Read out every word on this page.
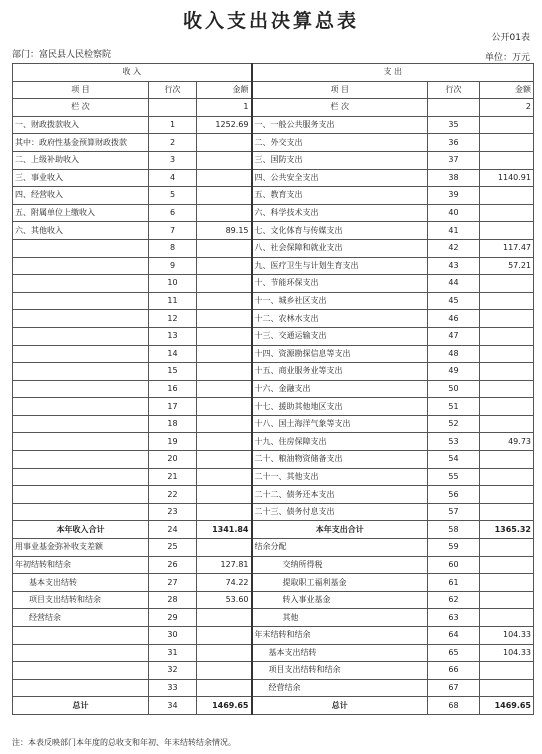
收入支出决算总表
公开01表
部门：富民县人民检察院	单位：万元
收 入			支 出		
项 目	行次	金额	项 目	行次	金额
栏 次		1	栏 次		2
一、财政拨款收入	1	1252.69	一、一般公共服务支出	35	
其中：政府性基金预算财政拨款	2		二、外交支出	36	
二、上级补助收入	3		三、国防支出	37	
三、事业收入	4		四、公共安全支出	38	1140.91
四、经营收入	5		五、教育支出	39	
五、附属单位上缴收入	6		六、科学技术支出	40	
六、其他收入	7	89.15	七、文化体育与传媒支出	41	
	8		八、社会保障和就业支出	42	117.47
	9		九、医疗卫生与计划生育支出	43	57.21
	10		十、节能环保支出	44	
	11		十一、城乡社区支出	45	
	12		十二、农林水支出	46	
	13		十三、交通运输支出	47	
	14		十四、资源勘探信息等支出	48	
	15		十五、商业服务业等支出	49	
	16		十六、金融支出	50	
	17		十七、援助其他地区支出	51	
	18		十八、国土海洋气象等支出	52	
	19		十九、住房保障支出	53	49.73
	20		二十、粮油物资储备支出	54	
	21		二十一、其他支出	55	
	22		二十二、债务还本支出	56	
	23		二十三、债务付息支出	57	
本年收入合计	24	1341.84	本年支出合计	58	1365.32
用事业基金弥补收支差额	25		结余分配	59	
年初结转和结余	26	127.81	交纳所得税	60	
基本支出结转	27	74.22	提取职工福利基金	61	
项目支出结转和结余	28	53.60	转入事业基金	62	
经营结余	29		其他	63	
	30		年末结转和结余	64	104.33
	31		基本支出结转	65	104.33
	32		项目支出结转和结余	66	
	33		经营结余	67	
总计	34	1469.65	总计	68	1469.65
注：本表反映部门本年度的总收支和年初、年末结转结余情况。
